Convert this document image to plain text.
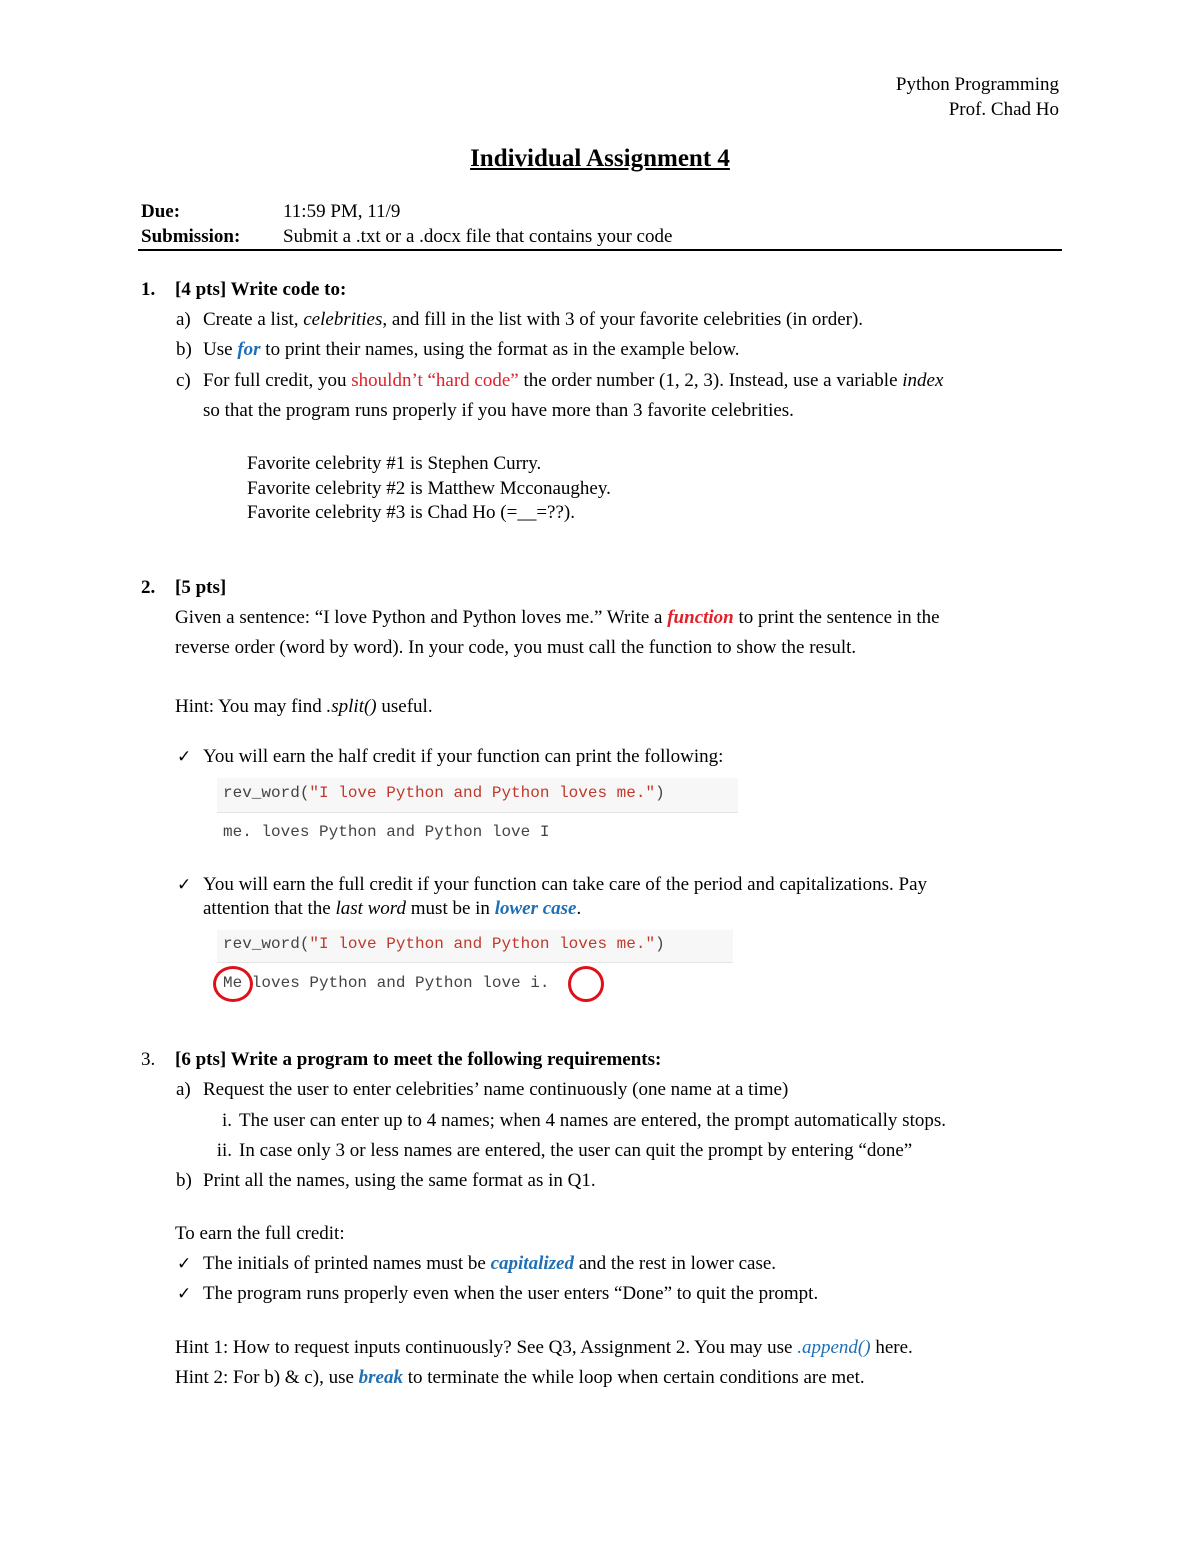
Python Programming
Prof. Chad Ho
Individual Assignment 4
Due:	11:59 PM, 11/9
Submission: Submit a .txt or a .docx file that contains your code
1. [4 pts] Write code to:
a) Create a list, celebrities, and fill in the list with 3 of your favorite celebrities (in order).
b) Use for to print their names, using the format as in the example below.
c) For full credit, you shouldn’t “hard code” the order number (1, 2, 3). Instead, use a variable index
so that the program runs properly if you have more than 3 favorite celebrities.
Favorite celebrity #1 is Stephen Curry.
Favorite celebrity #2 is Matthew Mcconaughey.
Favorite celebrity #3 is Chad Ho (=__=??).
2. [5 pts]
Given a sentence: “I love Python and Python loves me.” Write a function to print the sentence in the
reverse order (word by word). In your code, you must call the function to show the result.
Hint: You may find .split() useful.
✓ You will earn the half credit if your function can print the following:
rev_word("I love Python and Python loves me.")
me. loves Python and Python love I
✓ You will earn the full credit if your function can take care of the period and capitalizations. Pay
attention that the last word must be in lower case.
rev_word("I love Python and Python loves me.")
Me loves Python and Python love i.
3. [6 pts] Write a program to meet the following requirements:
a) Request the user to enter celebrities’ name continuously (one name at a time)
i. The user can enter up to 4 names; when 4 names are entered, the prompt automatically stops.
ii. In case only 3 or less names are entered, the user can quit the prompt by entering “done”
b) Print all the names, using the same format as in Q1.
To earn the full credit:
✓ The initials of printed names must be capitalized and the rest in lower case.
✓ The program runs properly even when the user enters “Done” to quit the prompt.
Hint 1: How to request inputs continuously? See Q3, Assignment 2. You may use .append() here.
Hint 2: For b) & c), use break to terminate the while loop when certain conditions are met.
